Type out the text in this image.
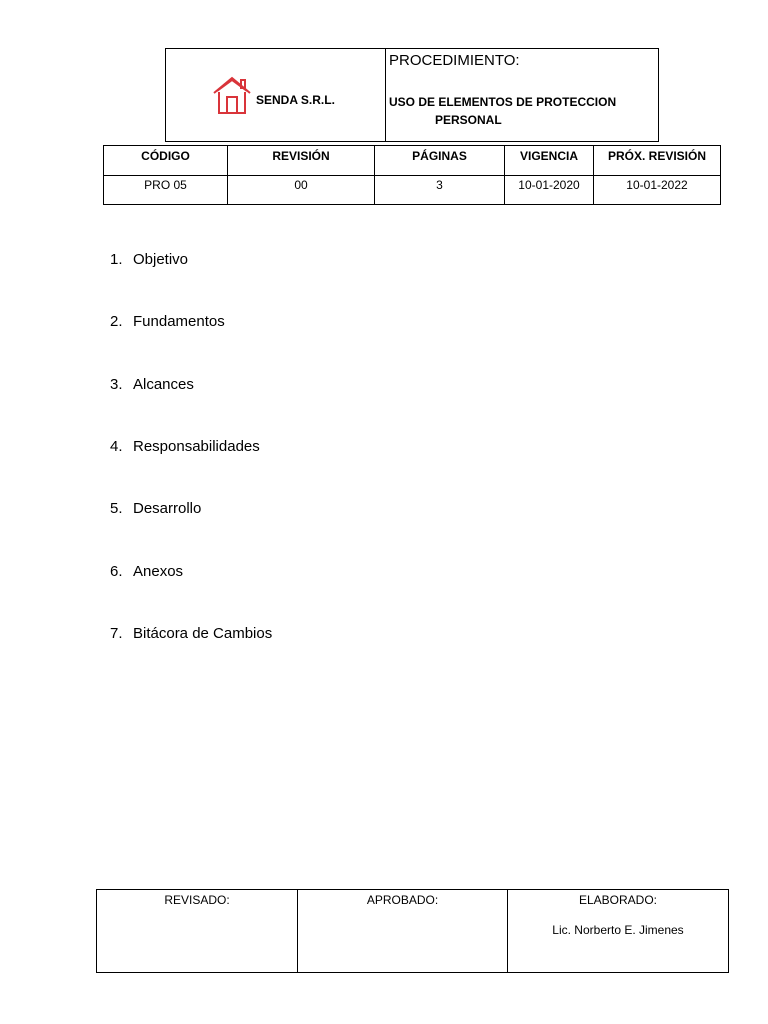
SENDA S.R.L.
PROCEDIMIENTO:
USO DE ELEMENTOS DE PROTECCION
PERSONAL
CÓDIGO	REVISIÓN	PÁGINAS	VIGENCIA	PRÓX. REVISIÓN
PRO 05	00	3	10-01-2020	10-01-2022
1. Objetivo
2. Fundamentos
3. Alcances
4. Responsabilidades
5. Desarrollo
6. Anexos
7. Bitácora de Cambios
REVISADO:	APROBADO:	ELABORADO:
Lic. Norberto E. Jimenes
